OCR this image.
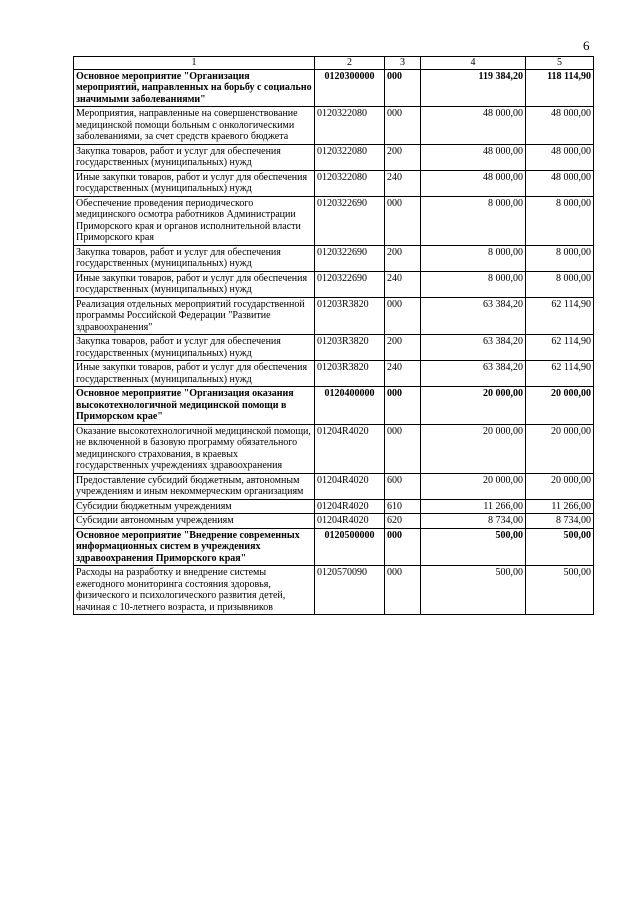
6
1	2	3	4	5
Основное мероприятие "Организация мероприятий, направленных на борьбу с социально значимыми заболеваниями"	0120300000	000	119 384,20	118 114,90
Мероприятия, направленные на совершенствование медицинской помощи больным с онкологическими заболеваниями, за счет средств краевого бюджета	0120322080	000	48 000,00	48 000,00
Закупка товаров, работ и услуг для обеспечения государственных (муниципальных) нужд	0120322080	200	48 000,00	48 000,00
Иные закупки товаров, работ и услуг для обеспечения государственных (муниципальных) нужд	0120322080	240	48 000,00	48 000,00
Обеспечение проведения периодического медицинского осмотра работников Администрации Приморского края и органов исполнительной власти Приморского края	0120322690	000	8 000,00	8 000,00
Закупка товаров, работ и услуг для обеспечения государственных (муниципальных) нужд	0120322690	200	8 000,00	8 000,00
Иные закупки товаров, работ и услуг для обеспечения государственных (муниципальных) нужд	0120322690	240	8 000,00	8 000,00
Реализация отдельных мероприятий государственной программы Российской Федерации "Развитие здравоохранения"	01203R3820	000	63 384,20	62 114,90
Закупка товаров, работ и услуг для обеспечения государственных (муниципальных) нужд	01203R3820	200	63 384,20	62 114,90
Иные закупки товаров, работ и услуг для обеспечения государственных (муниципальных) нужд	01203R3820	240	63 384,20	62 114,90
Основное мероприятие "Организация оказания высокотехнологичной медицинской помощи в Приморском крае"	0120400000	000	20 000,00	20 000,00
Оказание высокотехнологичной медицинской помощи, не включенной в базовую программу обязательного медицинского страхования, в краевых государственных учреждениях здравоохранения	01204R4020	000	20 000,00	20 000,00
Предоставление субсидий бюджетным, автономным учреждениям и иным некоммерческим организациям	01204R4020	600	20 000,00	20 000,00
Субсидии бюджетным учреждениям	01204R4020	610	11 266,00	11 266,00
Субсидии автономным учреждениям	01204R4020	620	8 734,00	8 734,00
Основное мероприятие "Внедрение современных информационных систем в учреждениях здравоохранения Приморского края"	0120500000	000	500,00	500,00
Расходы на разработку и внедрение системы ежегодного мониторинга состояния здоровья, физического и психологического развития детей, начиная с 10-летнего возраста, и призывников	0120570090	000	500,00	500,00
